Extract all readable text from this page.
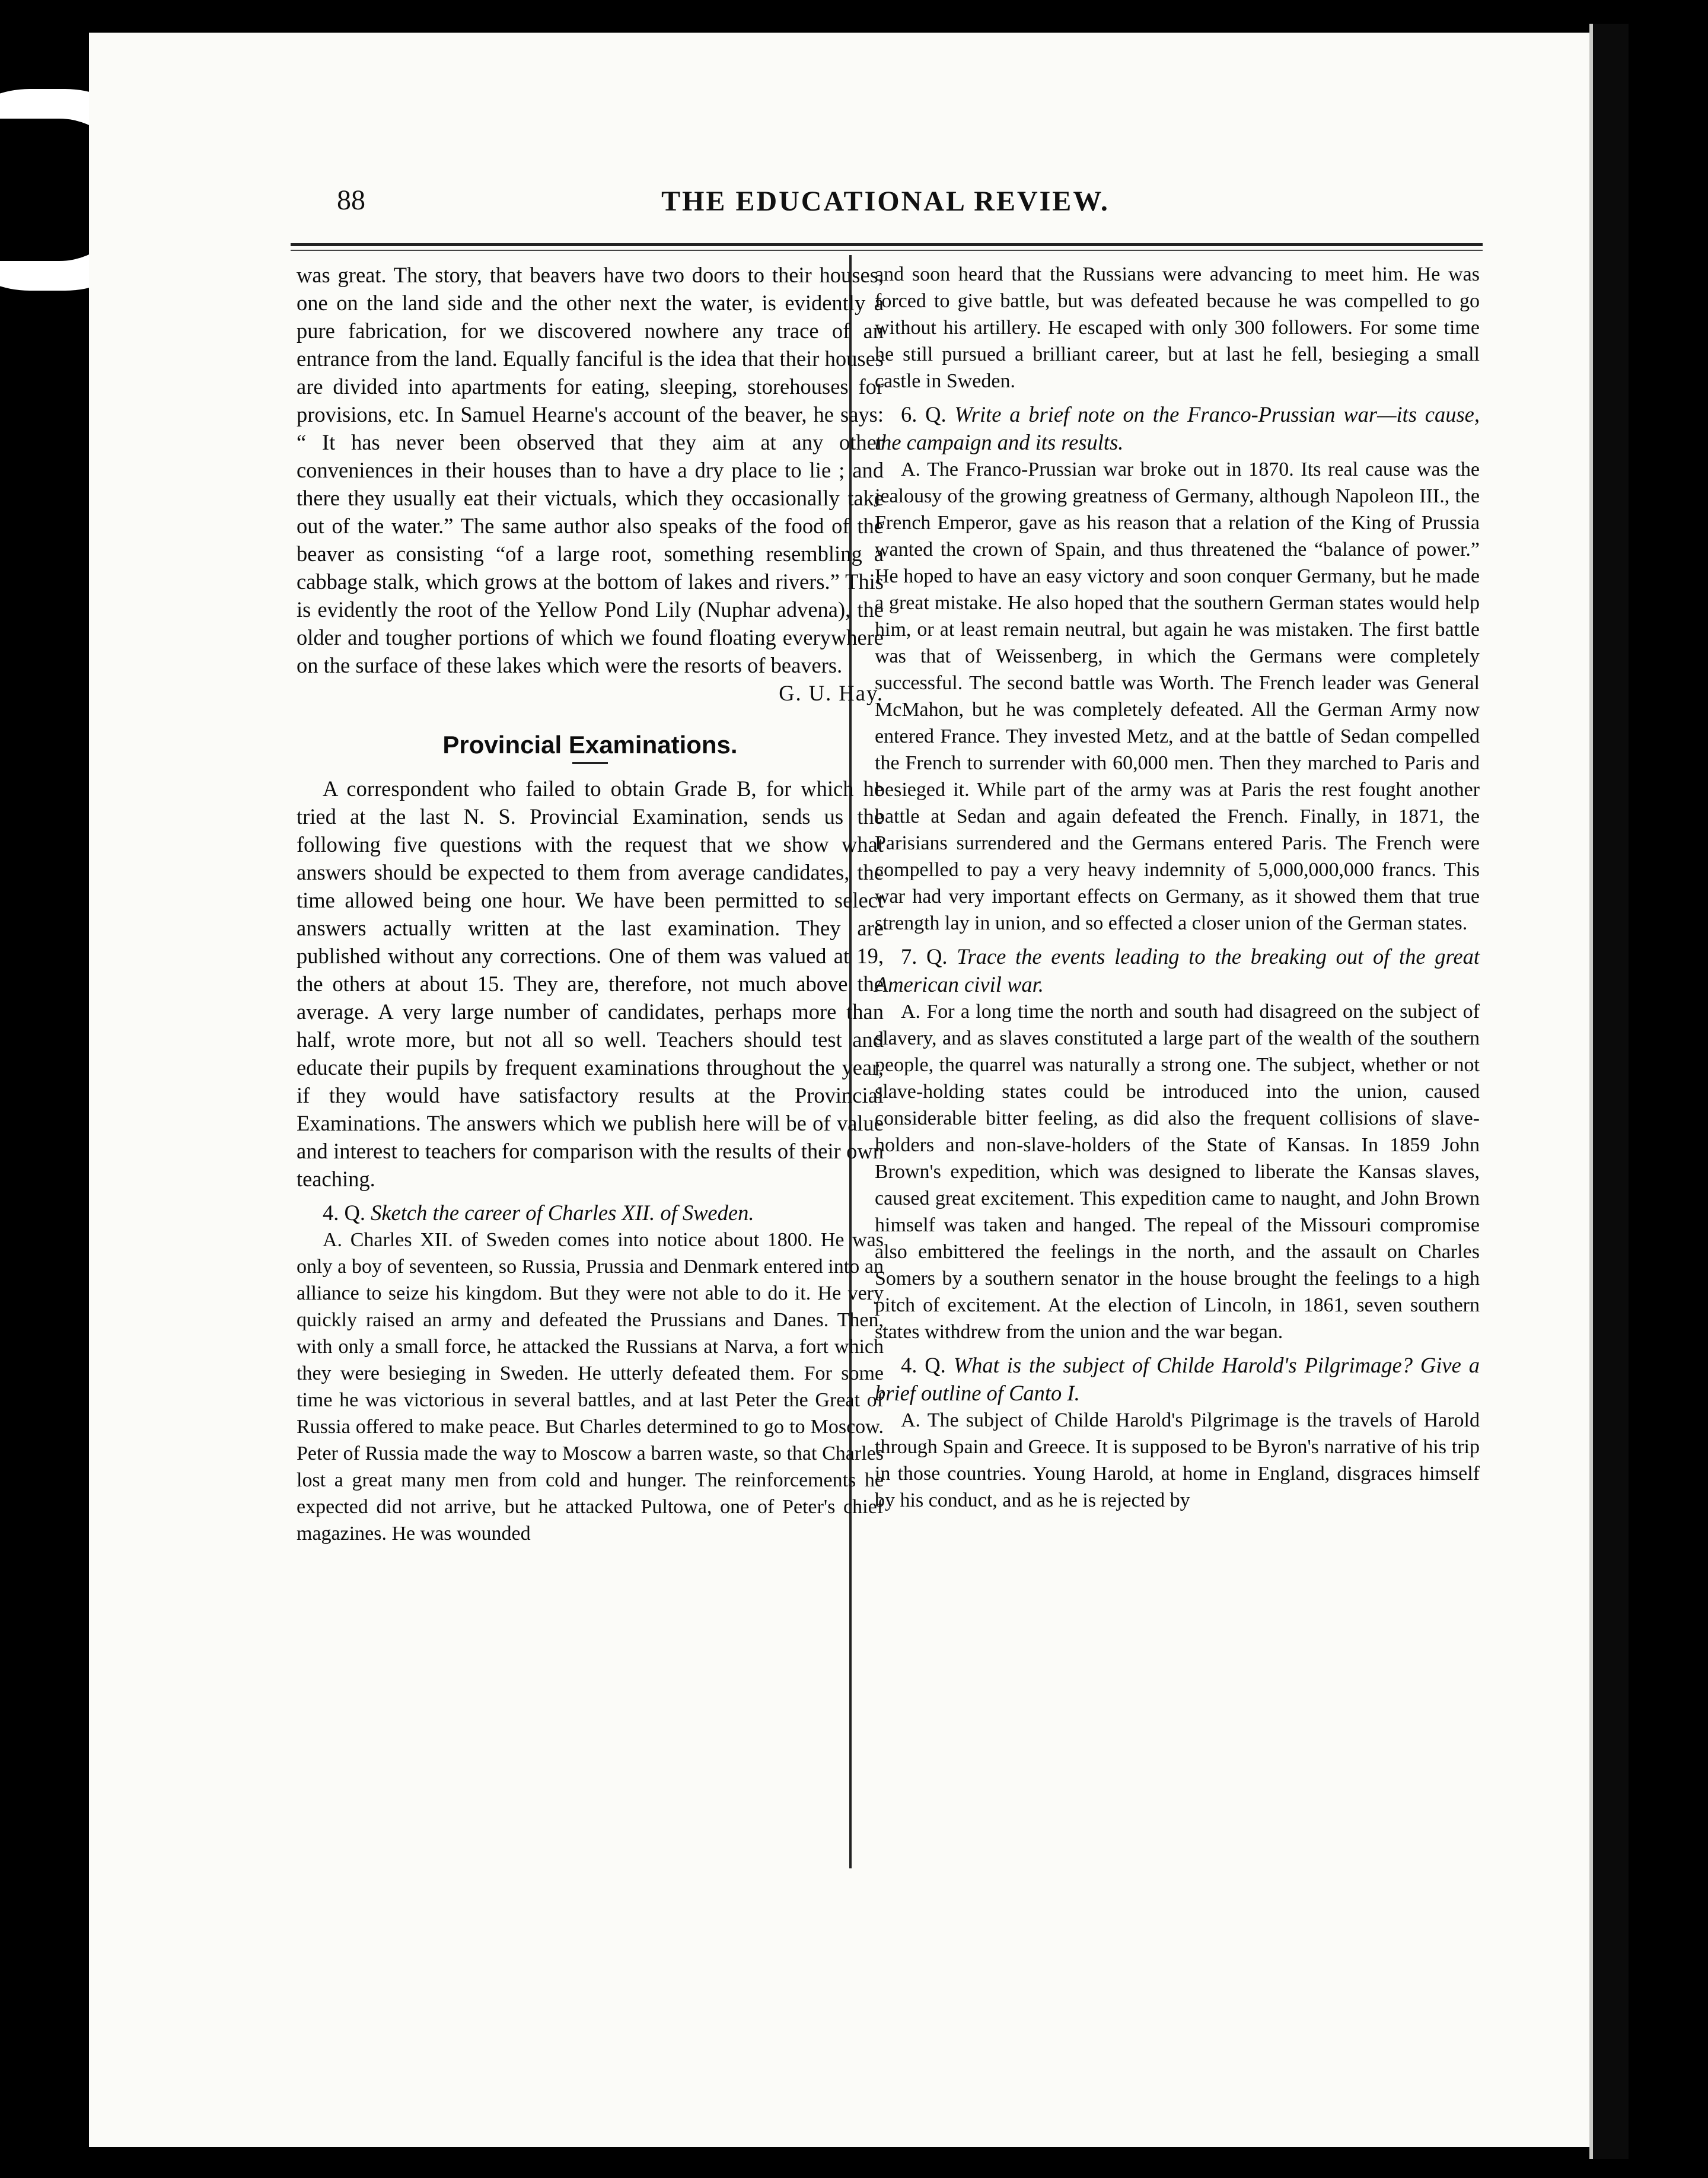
88	THE EDUCATIONAL REVIEW.

was great. The story, that beavers have two doors to their houses, one on the land side and the other next the water, is evidently a pure fabrication, for we discovered nowhere any trace of an entrance from the land. Equally fanciful is the idea that their houses are divided into apartments for eating, sleeping, storehouses for provisions, etc. In Samuel Hearne's account of the beaver, he says: “ It has never been observed that they aim at any other conveniences in their houses than to have a dry place to lie ; and there they usually eat their victuals, which they occasionally take out of the water.” The same author also speaks of the food of the beaver as consisting “of a large root, something resembling a cabbage stalk, which grows at the bottom of lakes and rivers.” This is evidently the root of the Yellow Pond Lily (Nuphar advena), the older and tougher portions of which we found floating everywhere on the surface of these lakes which were the resorts of beavers.

G. U. Hay.

Provincial Examinations.

A correspondent who failed to obtain Grade B, for which he tried at the last N. S. Provincial Examination, sends us the following five questions with the request that we show what answers should be expected to them from average candidates, the time allowed being one hour. We have been permitted to select answers actually written at the last examination. They are published without any corrections. One of them was valued at 19, the others at about 15. They are, therefore, not much above the average. A very large number of candidates, perhaps more than half, wrote more, but not all so well. Teachers should test and educate their pupils by frequent examinations throughout the year, if they would have satisfactory results at the Provincial Examinations. The answers which we publish here will be of value and interest to teachers for comparison with the results of their own teaching.

4. Q. Sketch the career of Charles XII. of Sweden.

A. Charles XII. of Sweden comes into notice about 1800. He was only a boy of seventeen, so Russia, Prussia and Denmark entered into an alliance to seize his kingdom. But they were not able to do it. He very quickly raised an army and defeated the Prussians and Danes. Then, with only a small force, he attacked the Russians at Narva, a fort which they were besieging in Sweden. He utterly defeated them. For some time he was victorious in several battles, and at last Peter the Great of Russia offered to make peace. But Charles determined to go to Moscow. Peter of Russia made the way to Moscow a barren waste, so that Charles lost a great many men from cold and hunger. The reinforcements he expected did not arrive, but he attacked Pultowa, one of Peter's chief magazines. He was wounded

and soon heard that the Russians were advancing to meet him. He was forced to give battle, but was defeated because he was compelled to go without his artillery. He escaped with only 300 followers. For some time he still pursued a brilliant career, but at last he fell, besieging a small castle in Sweden.

6. Q. Write a brief note on the Franco-Prussian war—its cause, the campaign and its results.

A. The Franco-Prussian war broke out in 1870. Its real cause was the jealousy of the growing greatness of Germany, although Napoleon III., the French Emperor, gave as his reason that a relation of the King of Prussia wanted the crown of Spain, and thus threatened the “balance of power.” He hoped to have an easy victory and soon conquer Germany, but he made a great mistake. He also hoped that the southern German states would help him, or at least remain neutral, but again he was mistaken. The first battle was that of Weissenberg, in which the Germans were completely successful. The second battle was Worth. The French leader was General McMahon, but he was completely defeated. All the German Army now entered France. They invested Metz, and at the battle of Sedan compelled the French to surrender with 60,000 men. Then they marched to Paris and besieged it. While part of the army was at Paris the rest fought another battle at Sedan and again defeated the French. Finally, in 1871, the Parisians surrendered and the Germans entered Paris. The French were compelled to pay a very heavy indemnity of 5,000,000,000 francs. This war had very important effects on Germany, as it showed them that true strength lay in union, and so effected a closer union of the German states.

7. Q. Trace the events leading to the breaking out of the great American civil war.

A. For a long time the north and south had disagreed on the subject of slavery, and as slaves constituted a large part of the wealth of the southern people, the quarrel was naturally a strong one. The subject, whether or not slave-holding states could be introduced into the union, caused considerable bitter feeling, as did also the frequent collisions of slave-holders and non-slave-holders of the State of Kansas. In 1859 John Brown's expedition, which was designed to liberate the Kansas slaves, caused great excitement. This expedition came to naught, and John Brown himself was taken and hanged. The repeal of the Missouri compromise also embittered the feelings in the north, and the assault on Charles Somers by a southern senator in the house brought the feelings to a high pitch of excitement. At the election of Lincoln, in 1861, seven southern states withdrew from the union and the war began.

4. Q. What is the subject of Childe Harold's Pilgrimage? Give a brief outline of Canto I.

A. The subject of Childe Harold's Pilgrimage is the travels of Harold through Spain and Greece. It is supposed to be Byron's narrative of his trip in those countries. Young Harold, at home in England, disgraces himself by his conduct, and as he is rejected by
